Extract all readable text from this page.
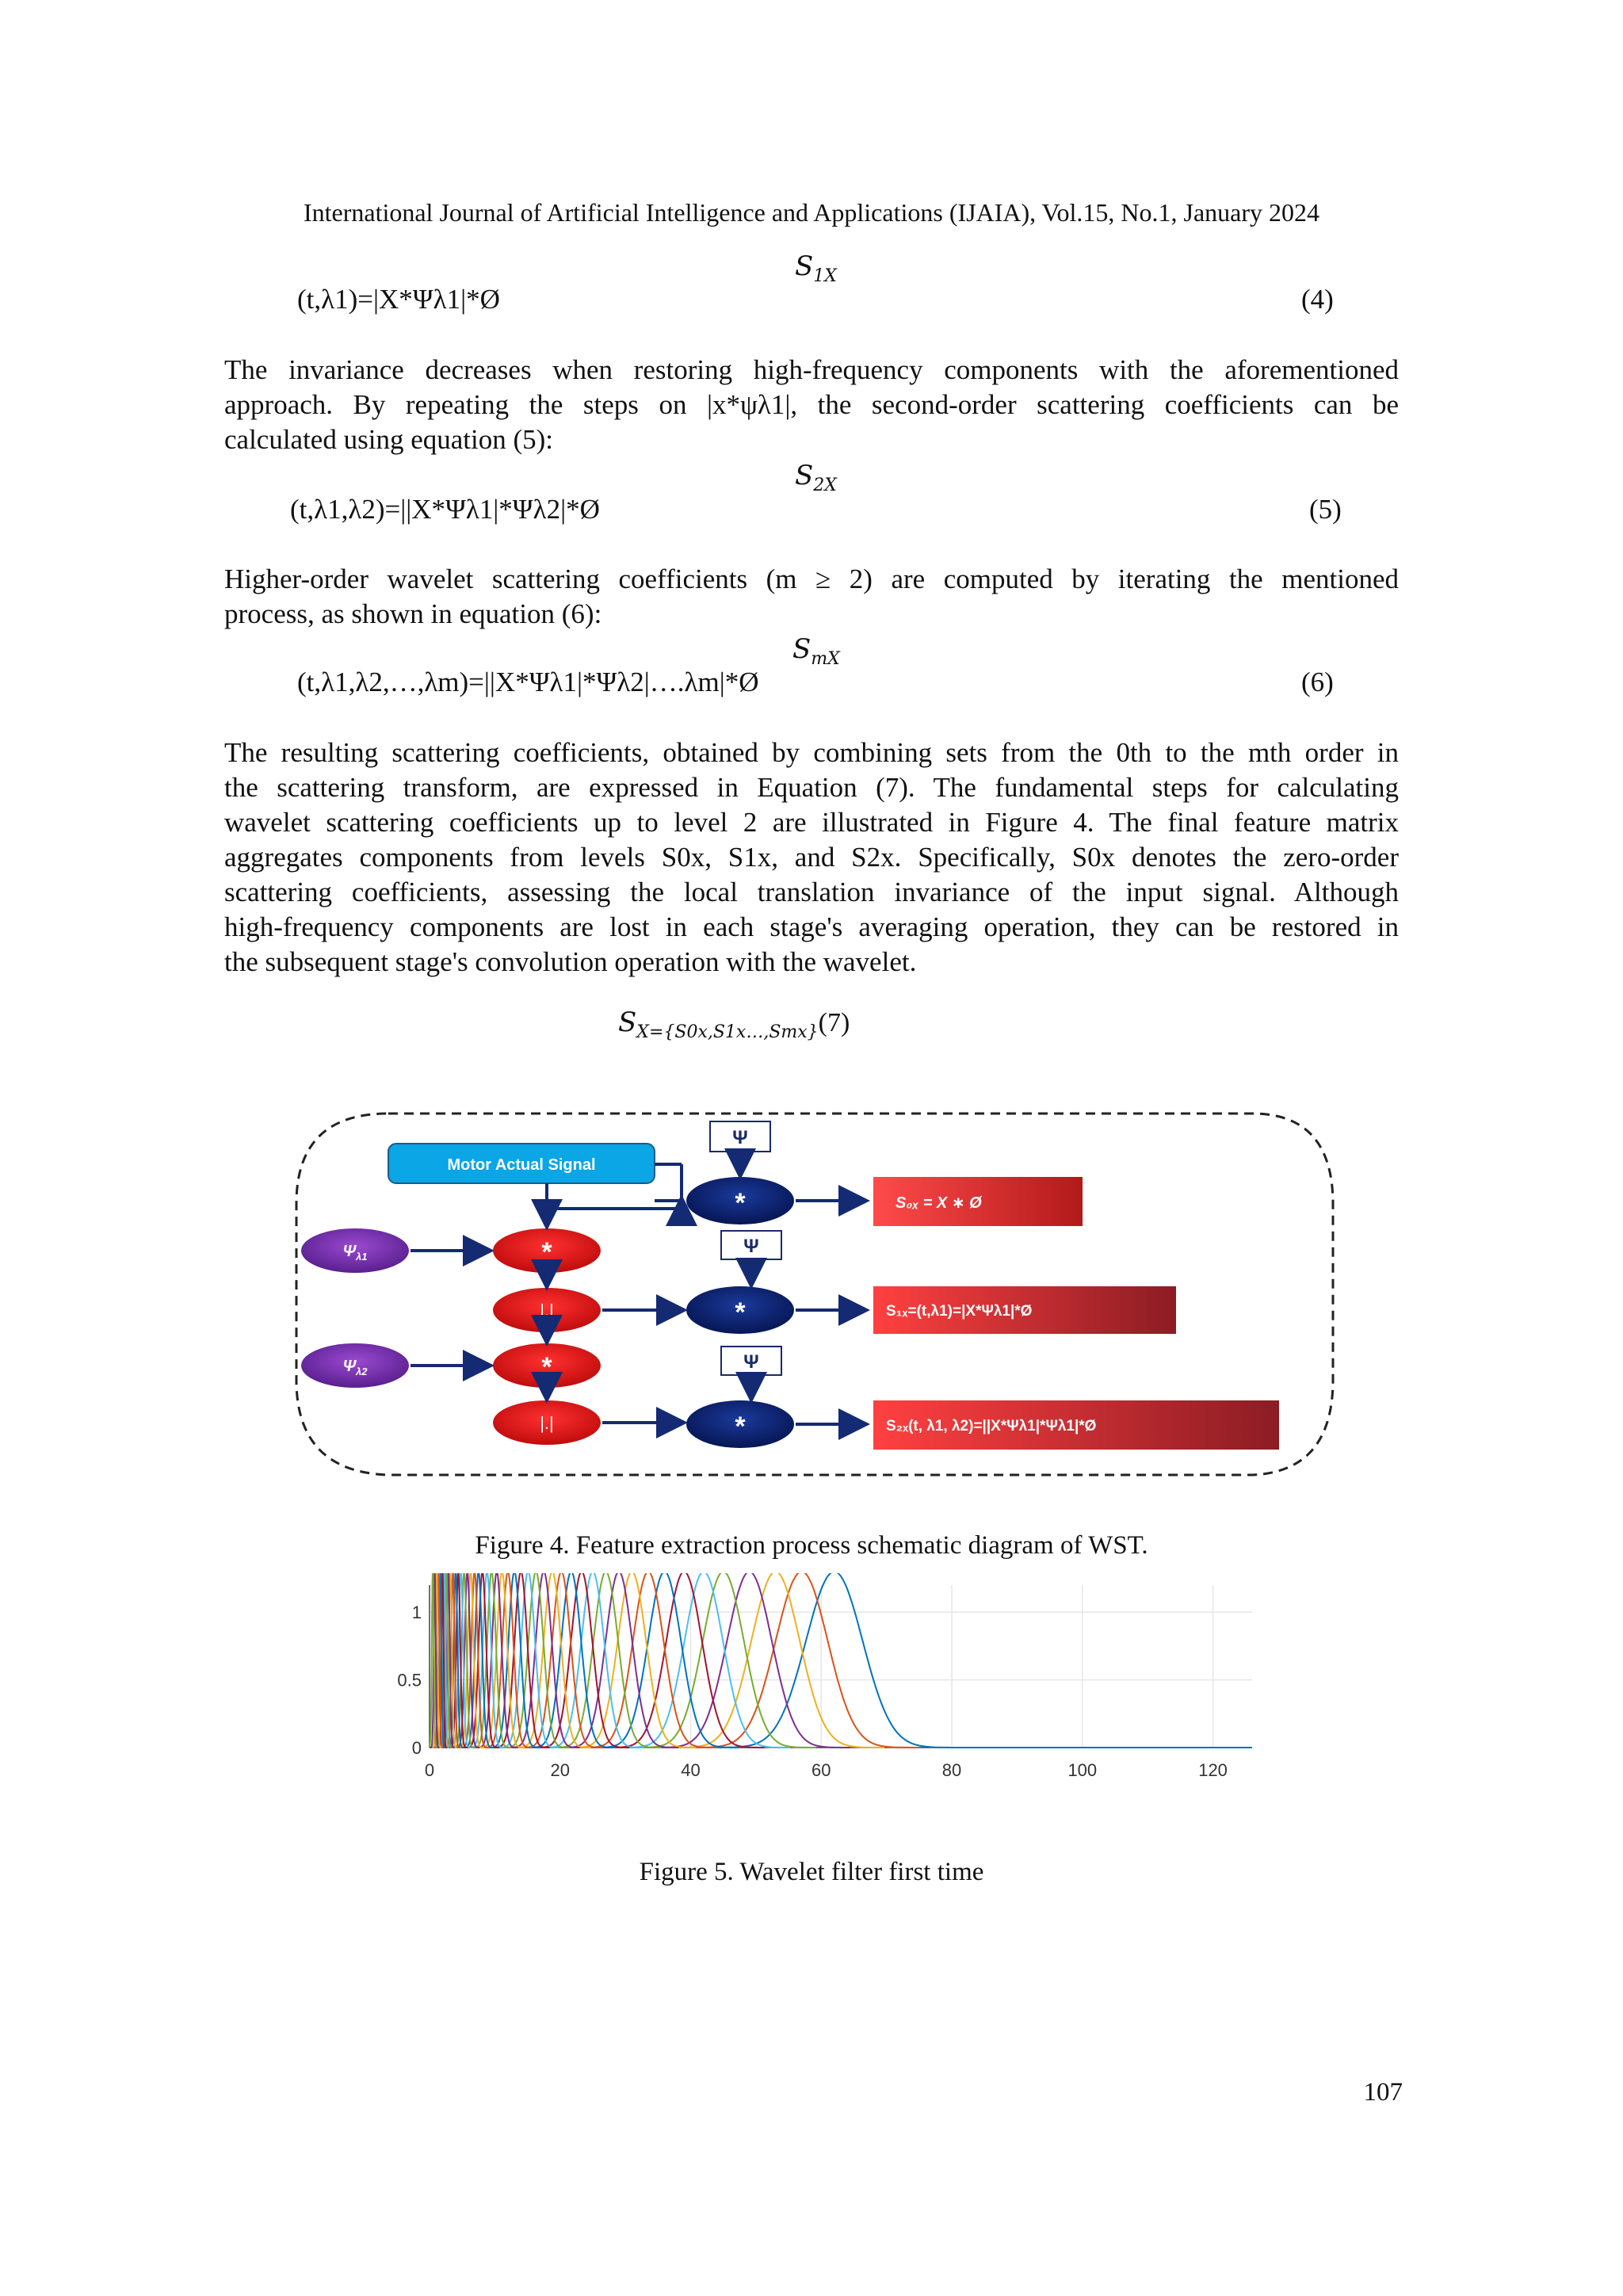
International Journal of Artificial Intelligence and Applications (IJAIA), Vol.15, No.1, January 2024
$S_{1X}$
(t,λ1)=|X*Ψλ1|*Ø	(4)
The invariance decreases when restoring high-frequency components with the aforementioned
approach. By repeating the steps on |x*ψλ1|, the second-order scattering coefficients can be
calculated using equation (5):
$S_{2X}$
(t,λ1,λ2)=||X*Ψλ1|*Ψλ2|*Ø	(5)
Higher-order wavelet scattering coefficients (m ≥ 2) are computed by iterating the mentioned
process, as shown in equation (6):
$S_{mX}$
(t,λ1,λ2,…,λm)=||X*Ψλ1|*Ψλ2|….λm|*Ø	(6)
The resulting scattering coefficients, obtained by combining sets from the 0th to the mth order in
the scattering transform, are expressed in Equation (7). The fundamental steps for calculating
wavelet scattering coefficients up to level 2 are illustrated in Figure 4. The final feature matrix
aggregates components from levels S0x, S1x, and S2x. Specifically, S0x denotes the zero-order
scattering coefficients, assessing the local translation invariance of the input signal. Although
high-frequency components are lost in each stage's averaging operation, they can be restored in
the subsequent stage's convolution operation with the wavelet.
$S_{X=\{S0x,S1x\dots,Smx\}}(7)$
Motor Actual Signal
Ψ
Ψ
Ψ
$\Psi_{\lambda 1}$
$\Psi_{\lambda 2}$
*
|.|
*
|.|
*
*
*
S₀ₓ = X ∗ Ø
S₁ₓ=(t,λ1)=|X*Ψλ1|*Ø
S₂ₓ(t, λ1, λ2)=||X*Ψλ1|*Ψλ1|*Ø
Figure 4. Feature extraction process schematic diagram of WST.
0	20	40	60	80	100	120
0
0.5
1
Figure 5. Wavelet filter first time
107
